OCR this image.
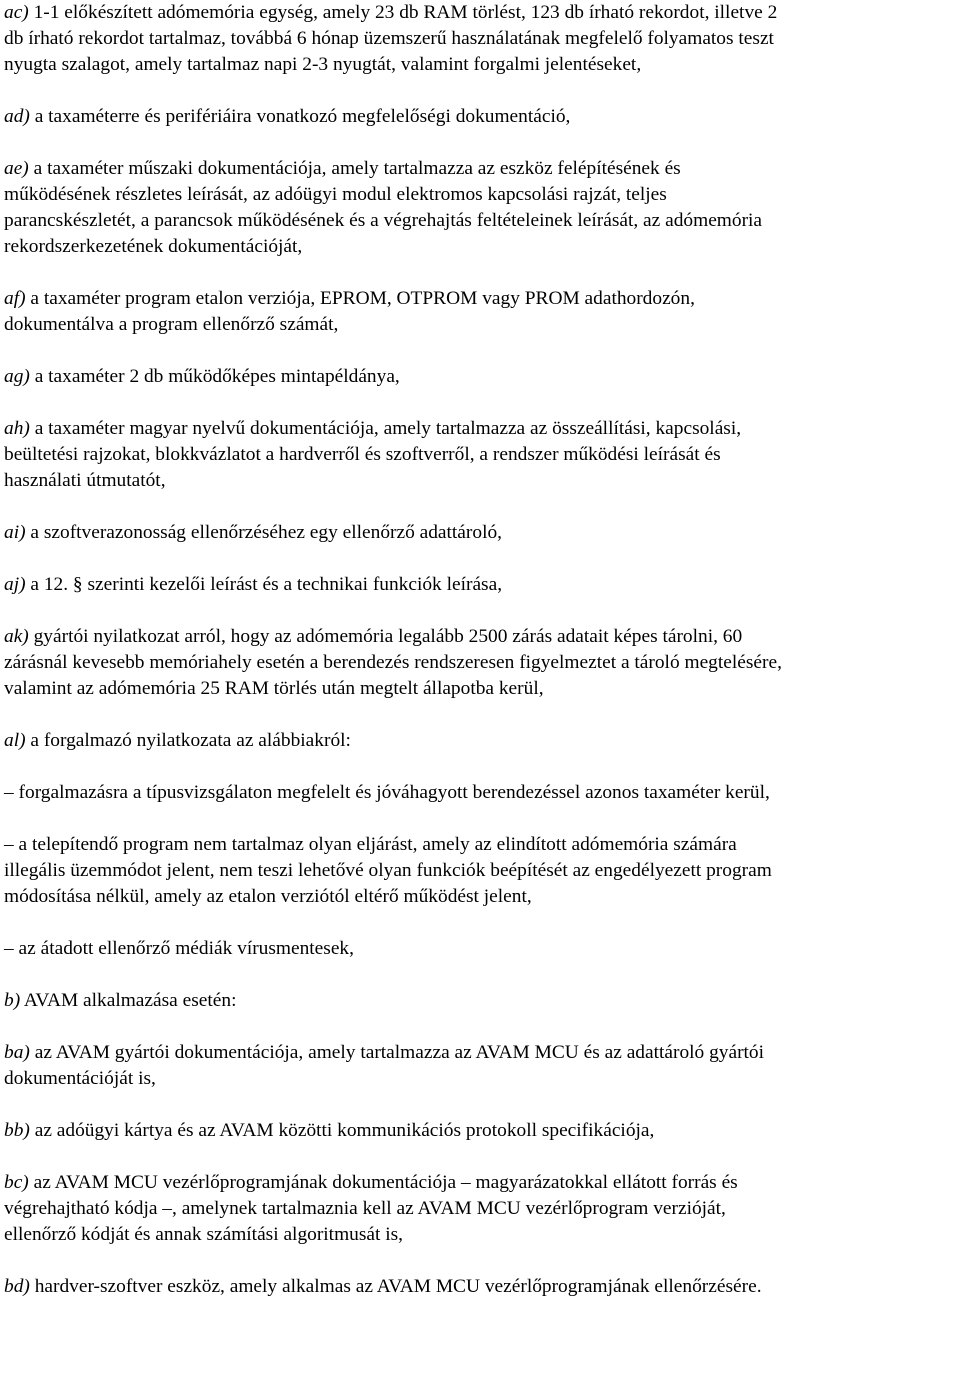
ac) 1-1 előkészített adómemória egység, amely 23 db RAM törlést, 123 db írható rekordot, illetve 2
db írható rekordot tartalmaz, továbbá 6 hónap üzemszerű használatának megfelelő folyamatos teszt
nyugta szalagot, amely tartalmaz napi 2-3 nyugtát, valamint forgalmi jelentéseket,
ad) a taxaméterre és perifériáira vonatkozó megfelelőségi dokumentáció,
ae) a taxaméter műszaki dokumentációja, amely tartalmazza az eszköz felépítésének és
működésének részletes leírását, az adóügyi modul elektromos kapcsolási rajzát, teljes
parancskészletét, a parancsok működésének és a végrehajtás feltételeinek leírását, az adómemória
rekordszerkezetének dokumentációját,
af) a taxaméter program etalon verziója, EPROM, OTPROM vagy PROM adathordozón,
dokumentálva a program ellenőrző számát,
ag) a taxaméter 2 db működőképes mintapéldánya,
ah) a taxaméter magyar nyelvű dokumentációja, amely tartalmazza az összeállítási, kapcsolási,
beültetési rajzokat, blokkvázlatot a hardverről és szoftverről, a rendszer működési leírását és
használati útmutatót,
ai) a szoftverazonosság ellenőrzéséhez egy ellenőrző adattároló,
aj) a 12. § szerinti kezelői leírást és a technikai funkciók leírása,
ak) gyártói nyilatkozat arról, hogy az adómemória legalább 2500 zárás adatait képes tárolni, 60
zárásnál kevesebb memóriahely esetén a berendezés rendszeresen figyelmeztet a tároló megtelésére,
valamint az adómemória 25 RAM törlés után megtelt állapotba kerül,
al) a forgalmazó nyilatkozata az alábbiakról:
– forgalmazásra a típusvizsgálaton megfelelt és jóváhagyott berendezéssel azonos taxaméter kerül,
– a telepítendő program nem tartalmaz olyan eljárást, amely az elindított adómemória számára
illegális üzemmódot jelent, nem teszi lehetővé olyan funkciók beépítését az engedélyezett program
módosítása nélkül, amely az etalon verziótól eltérő működést jelent,
– az átadott ellenőrző médiák vírusmentesek,
b) AVAM alkalmazása esetén:
ba) az AVAM gyártói dokumentációja, amely tartalmazza az AVAM MCU és az adattároló gyártói
dokumentációját is,
bb) az adóügyi kártya és az AVAM közötti kommunikációs protokoll specifikációja,
bc) az AVAM MCU vezérlőprogramjának dokumentációja – magyarázatokkal ellátott forrás és
végrehajtható kódja –, amelynek tartalmaznia kell az AVAM MCU vezérlőprogram verzióját,
ellenőrző kódját és annak számítási algoritmusát is,
bd) hardver-szoftver eszköz, amely alkalmas az AVAM MCU vezérlőprogramjának ellenőrzésére.
